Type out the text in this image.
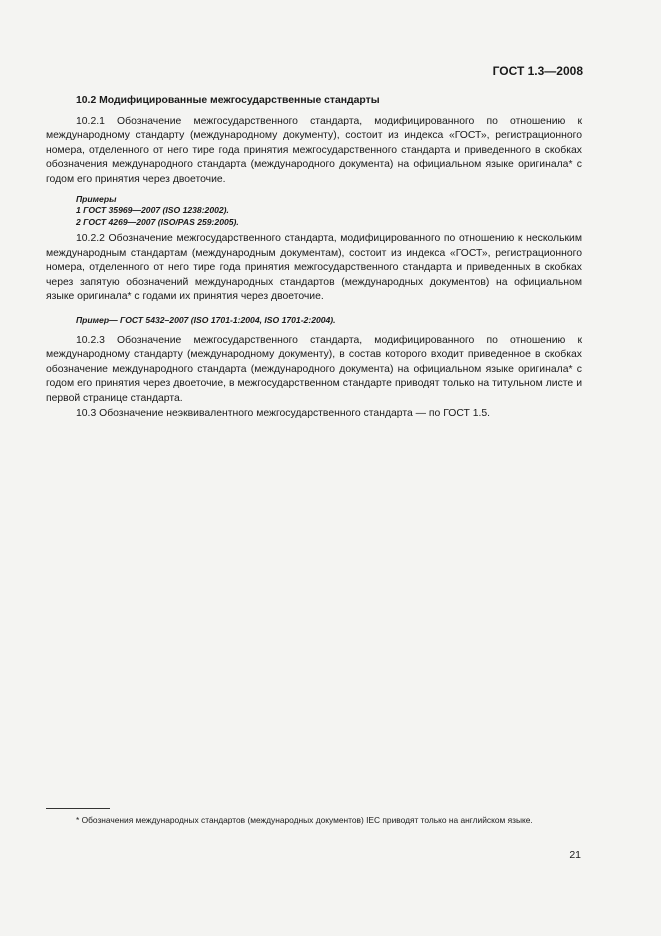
ГОСТ 1.3—2008
10.2 Модифицированные межгосударственные стандарты

10.2.1 Обозначение межгосударственного стандарта, модифицированного по отношению к международному стандарту (международному документу), состоит из индекса «ГОСТ», регистрационного номера, отделенного от него тире года принятия межгосударственного стандарта и приведенного в скобках обозначения международного стандарта (международного документа) на официальном языке оригинала* с годом его принятия через двоеточие.

Примеры
1 ГОСТ 35969—2007 (ISO 1238:2002).
2 ГОСТ 4269—2007 (ISO/PAS 259:2005).

10.2.2 Обозначение межгосударственного стандарта, модифицированного по отношению к нескольким международным стандартам (международным документам), состоит из индекса «ГОСТ», регистрационного номера, отделенного от него тире года принятия межгосударственного стандарта и приведенных в скобках через запятую обозначений международных стандартов (международных документов) на официальном языке оригинала* с годами их принятия через двоеточие.

Пример— ГОСТ 5432–2007 (ISO 1701-1:2004, ISO 1701-2:2004).

10.2.3 Обозначение межгосударственного стандарта, модифицированного по отношению к международному стандарту (международному документу), в состав которого входит приведенное в скобках обозначение международного стандарта (международного документа) на официальном языке оригинала* с годом его принятия через двоеточие, в межгосударственном стандарте приводят только на титульном листе и первой странице стандарта.

10.3 Обозначение неэквивалентного межгосударственного стандарта — по ГОСТ 1.5.

* Обозначения международных стандартов (международных документов) IEC приводят только на английском языке.
21
